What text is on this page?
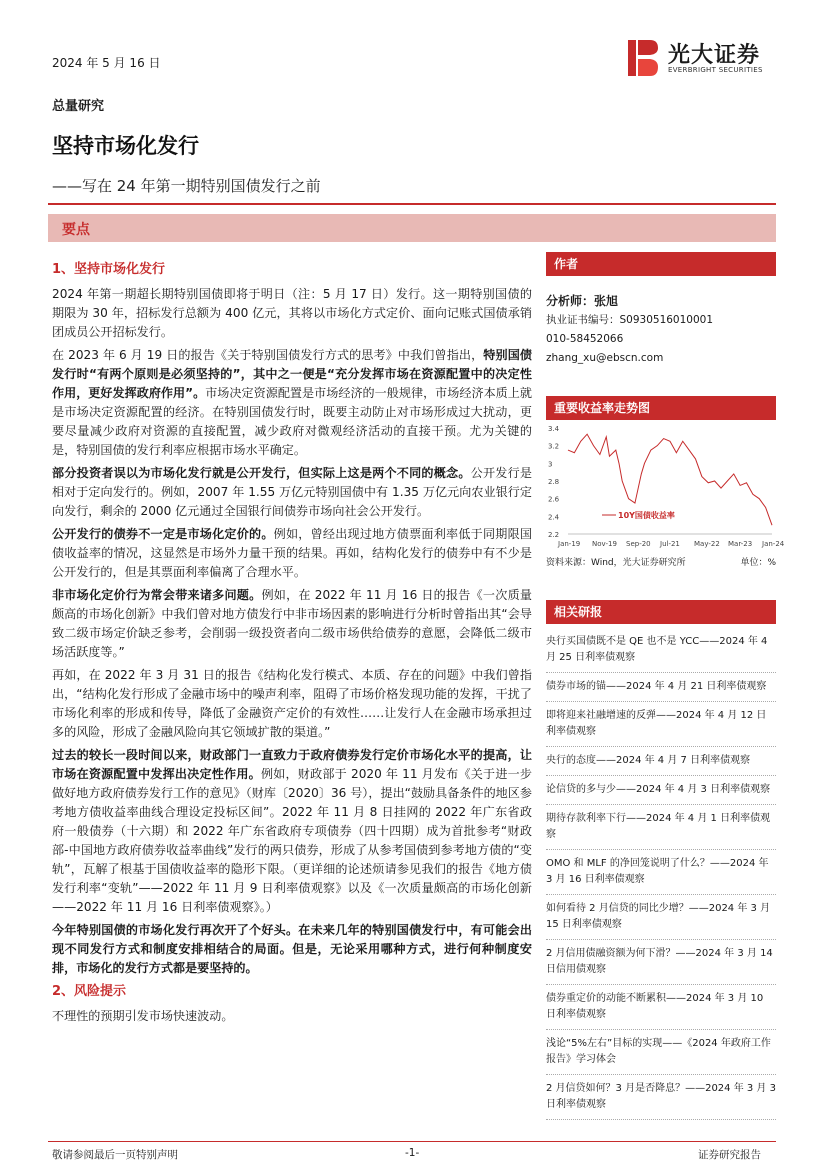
2024 年 5 月 16 日	光大证券
EVERBRIGHT SECURITIES
总量研究
坚持市场化发行
——写在 24 年第一期特别国债发行之前
要点

1、坚持市场化发行

2024 年第一期超长期特别国债即将于明日（注：5 月 17 日）发行。这一期特别国债的期限为 30 年，招标发行总额为 400 亿元，其将以市场化方式定价、面向记账式国债承销团成员公开招标发行。

在 2023 年 6 月 19 日的报告《关于特别国债发行方式的思考》中我们曾指出，特别国债发行时“有两个原则是必须坚持的”，其中之一便是“充分发挥市场在资源配置中的决定性作用，更好发挥政府作用”。市场决定资源配置是市场经济的一般规律，市场经济本质上就是市场决定资源配置的经济。在特别国债发行时，既要主动防止对市场形成过大扰动，更要尽量减少政府对资源的直接配置，减少政府对微观经济活动的直接干预。尤为关键的是，特别国债的发行利率应根据市场水平确定。

部分投资者误以为市场化发行就是公开发行，但实际上这是两个不同的概念。公开发行是相对于定向发行的。例如，2007 年 1.55 万亿元特别国债中有 1.35 万亿元向农业银行定向发行，剩余的 2000 亿元通过全国银行间债券市场向社会公开发行。

公开发行的债券不一定是市场化定价的。例如，曾经出现过地方债票面利率低于同期限国债收益率的情况，这显然是市场外力量干预的结果。再如，结构化发行的债券中有不少是公开发行的，但是其票面利率偏离了合理水平。

非市场化定价行为常会带来诸多问题。例如，在 2022 年 11 月 16 日的报告《一次质量颇高的市场化创新》中我们曾对地方债发行中非市场因素的影响进行分析时曾指出其“会导致二级市场定价缺乏参考，会削弱一级投资者向二级市场供给债券的意愿，会降低二级市场活跃度等。”

再如，在 2022 年 3 月 31 日的报告《结构化发行模式、本质、存在的问题》中我们曾指出，“结构化发行形成了金融市场中的噪声利率，阻碍了市场价格发现功能的发挥，干扰了市场化利率的形成和传导，降低了金融资产定价的有效性……让发行人在金融市场承担过多的风险，形成了金融风险向其它领域扩散的渠道。”

过去的较长一段时间以来，财政部门一直致力于政府债券发行定价市场化水平的提高，让市场在资源配置中发挥出决定性作用。例如，财政部于 2020 年 11 月发布《关于进一步做好地方政府债券发行工作的意见》（财库〔2020〕36 号），提出“鼓励具备条件的地区参考地方债收益率曲线合理设定投标区间”。2022 年 11 月 8 日挂网的 2022 年广东省政府一般债券（十六期）和 2022 年广东省政府专项债券（四十四期）成为首批参考“财政部-中国地方政府债券收益率曲线”发行的两只债券，形成了从参考国债到参考地方债的“变轨”，瓦解了根基于国债收益率的隐形下限。（更详细的论述烦请参见我们的报告《地方债发行利率“变轨”——2022 年 11 月 9 日利率债观察》以及《一次质量颇高的市场化创新——2022 年 11 月 16 日利率债观察》。）

今年特别国债的市场化发行再次开了个好头。在未来几年的特别国债发行中，有可能会出现不同发行方式和制度安排相结合的局面。但是，无论采用哪种方式，进行何种制度安排，市场化的发行方式都是要坚持的。

2、风险提示

不理性的预期引发市场快速波动。

作者
分析师：张旭
执业证书编号：S0930516010001
010-58452066
zhang_xu@ebscn.com
重要收益率走势图
3.4
3.2
3
2.8
2.6
2.4
2.2
Jan-19 Nov-19 Sep-20 Jul-21 May-22 Mar-23 Jan-24
10Y国债收益率
资料来源：Wind，光大证券研究所	单位：%
相关研报
央行买国债既不是 QE 也不是 YCC——2024 年 4 月 25 日利率债观察
债券市场的锚——2024 年 4 月 21 日利率债观察
即将迎来社融增速的反弹——2024 年 4 月 12 日利率债观察
央行的态度——2024 年 4 月 7 日利率债观察
论信贷的多与少——2024 年 4 月 3 日利率债观察
期待存款利率下行——2024 年 4 月 1 日利率债观察
OMO 和 MLF 的净回笼说明了什么？——2024 年 3 月 16 日利率债观察
如何看待 2 月信贷的同比少增？——2024 年 3 月 15 日利率债观察
2 月信用债融资额为何下滑？——2024 年 3 月 14 日信用债观察
债券重定价的动能不断累积——2024 年 3 月 10 日利率债观察
浅论“5%左右”目标的实现——《2024 年政府工作报告》学习体会
2 月信贷如何？3 月是否降息？——2024 年 3 月 3 日利率债观察
敬请参阅最后一页特别声明	-1-	证券研究报告
